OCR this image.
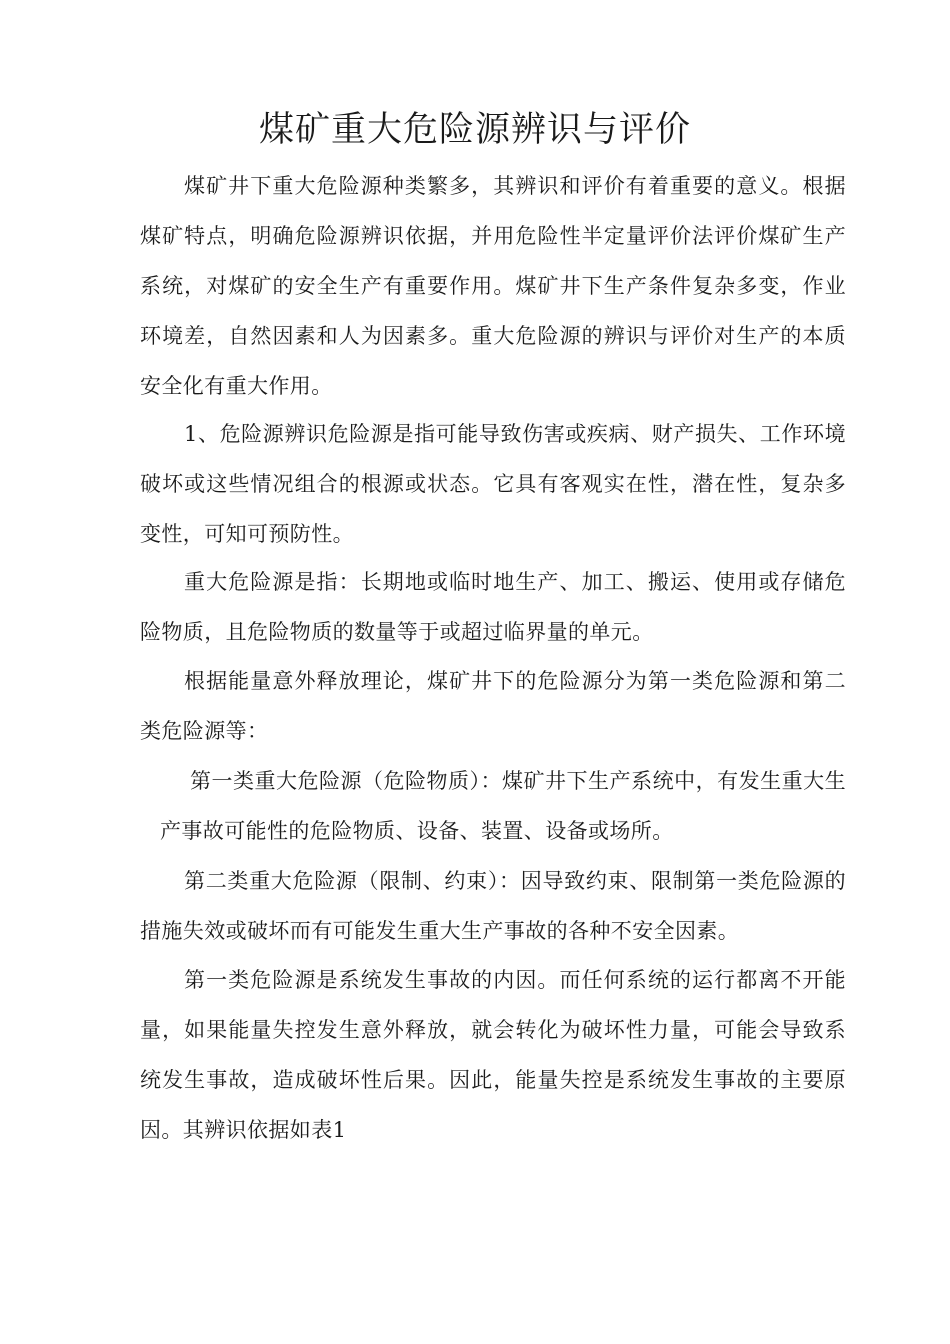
煤矿重大危险源辨识与评价

煤矿井下重大危险源种类繁多，其辨识和评价有着重要的意义。根据煤矿特点，明确危险源辨识依据，并用危险性半定量评价法评价煤矿生产系统，对煤矿的安全生产有重要作用。煤矿井下生产条件复杂多变，作业环境差，自然因素和人为因素多。重大危险源的辨识与评价对生产的本质安全化有重大作用。

1、危险源辨识危险源是指可能导致伤害或疾病、财产损失、工作环境破坏或这些情况组合的根源或状态。它具有客观实在性，潜在性，复杂多变性，可知可预防性。

重大危险源是指：长期地或临时地生产、加工、搬运、使用或存储危险物质，且危险物质的数量等于或超过临界量的单元。

根据能量意外释放理论，煤矿井下的危险源分为第一类危险源和第二类危险源等：

第一类重大危险源（危险物质）：煤矿井下生产系统中，有发生重大生产事故可能性的危险物质、设备、装置、设备或场所。

第二类重大危险源（限制、约束）：因导致约束、限制第一类危险源的措施失效或破坏而有可能发生重大生产事故的各种不安全因素。

第一类危险源是系统发生事故的内因。而任何系统的运行都离不开能量，如果能量失控发生意外释放，就会转化为破坏性力量，可能会导致系统发生事故，造成破坏性后果。因此，能量失控是系统发生事故的主要原因。其辨识依据如表1
